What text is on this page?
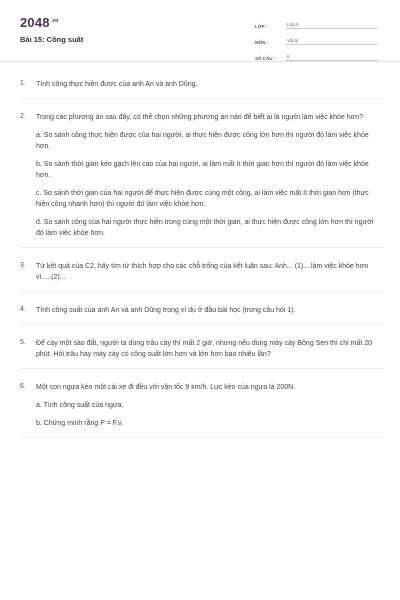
$2048^{.vn}$
Bài 15: Công suất
LỚP :	Lớp 8
MÔN :	Vật lý
SỐ CÂU :	6
1.	Tính công thực hiện được của anh An và anh Dũng.

2.	Trong các phương án sau đây, có thể chọn những phương án nào để biết ai là người làm việc khỏe hơn?

a. So sánh công thực hiện được của hai người, ai thực hiện được công lớn hơn thì người đó làm việc khỏe hơn.

b. So sánh thời gian kéo gạch lên cao của hai người, ai làm mất ít thời gian hơn thì người đó làm việc khỏe hơn.

c. So sánh thời gian của hai người để thực hiện được cùng một công, ai làm việc mất ít thời gian hơn (thực hiện công nhanh hơn) thì người đó làm việc khỏe hơn.

d. So sánh công của hai người thực hiện trong cùng một thời gian, ai thực hiện được công lớn hơn thì người đó làm việc khỏe hơn.

3.	Từ kết quả của C2, hãy tìm từ thích hợp cho các chỗ trống của kết luận sau: Anh... (1)....làm việc khỏe hơn vì.....(2)...

4.	Tính công suất của anh An và anh Dũng trong ví dụ ở đầu bài học (trong câu hỏi 1).

5.	Để cày một sào đất, người ta dùng trâu cày thì mất 2 giờ, nhưng nếu dùng máy cày Bông Sen thì chỉ mất 20 phút. Hỏi trâu hay máy cày có công suất lớn hơn và lớn hơn bao nhiêu lần?

6.	Một con ngựa kéo một cái xe đi đều với vận tốc 9 km/h. Lực kéo của ngựa là 200N.

a. Tính công suất của ngựa.

b. Chứng minh rằng P = F.v.
